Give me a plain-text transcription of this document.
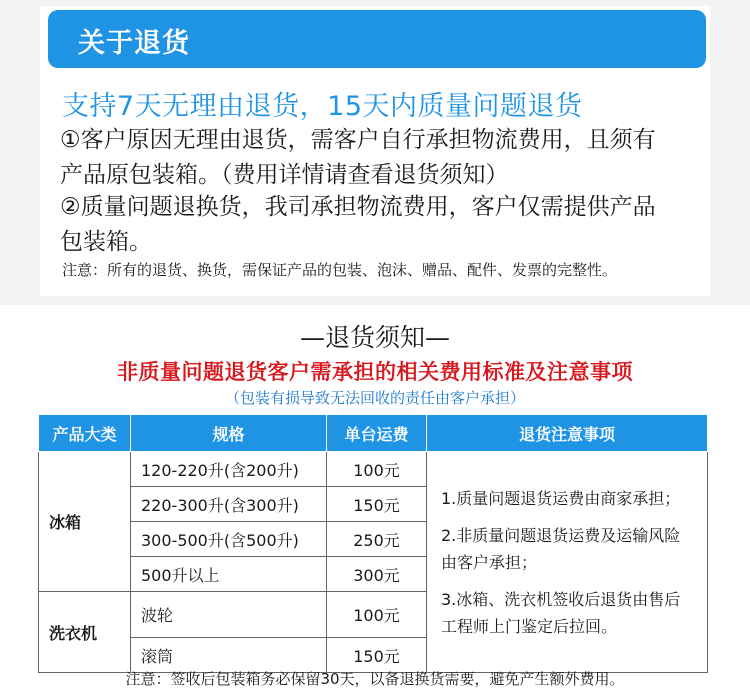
关于退货
支持7天无理由退货，15天内质量问题退货
①客户原因无理由退货，需客户自行承担物流费用，且须有
产品原包装箱。（费用详情请查看退货须知）
②质量问题退换货，我司承担物流费用，客户仅需提供产品
包装箱。
注意：所有的退货、换货，需保证产品的包装、泡沫、赠品、配件、发票的完整性。
—退货须知—
非质量问题退货客户需承担的相关费用标准及注意事项
（包装有损导致无法回收的责任由客户承担）
产品大类	规格	单台运费	退货注意事项
冰箱	120-220升(含200升)	100元	1.质量问题退货运费由商家承担；

2.非质量问题退货运费及运输风险由客户承担；

3.冰箱、洗衣机签收后退货由售后工程师上门鉴定后拉回。

	220-300升(含300升)	150元	
	300-500升(含500升)	250元	
	500升以上	300元	
洗衣机	波轮	100元	
	滚筒	150元	
注意：签收后包装箱务必保留30天，以备退换货需要，避免产生额外费用。
